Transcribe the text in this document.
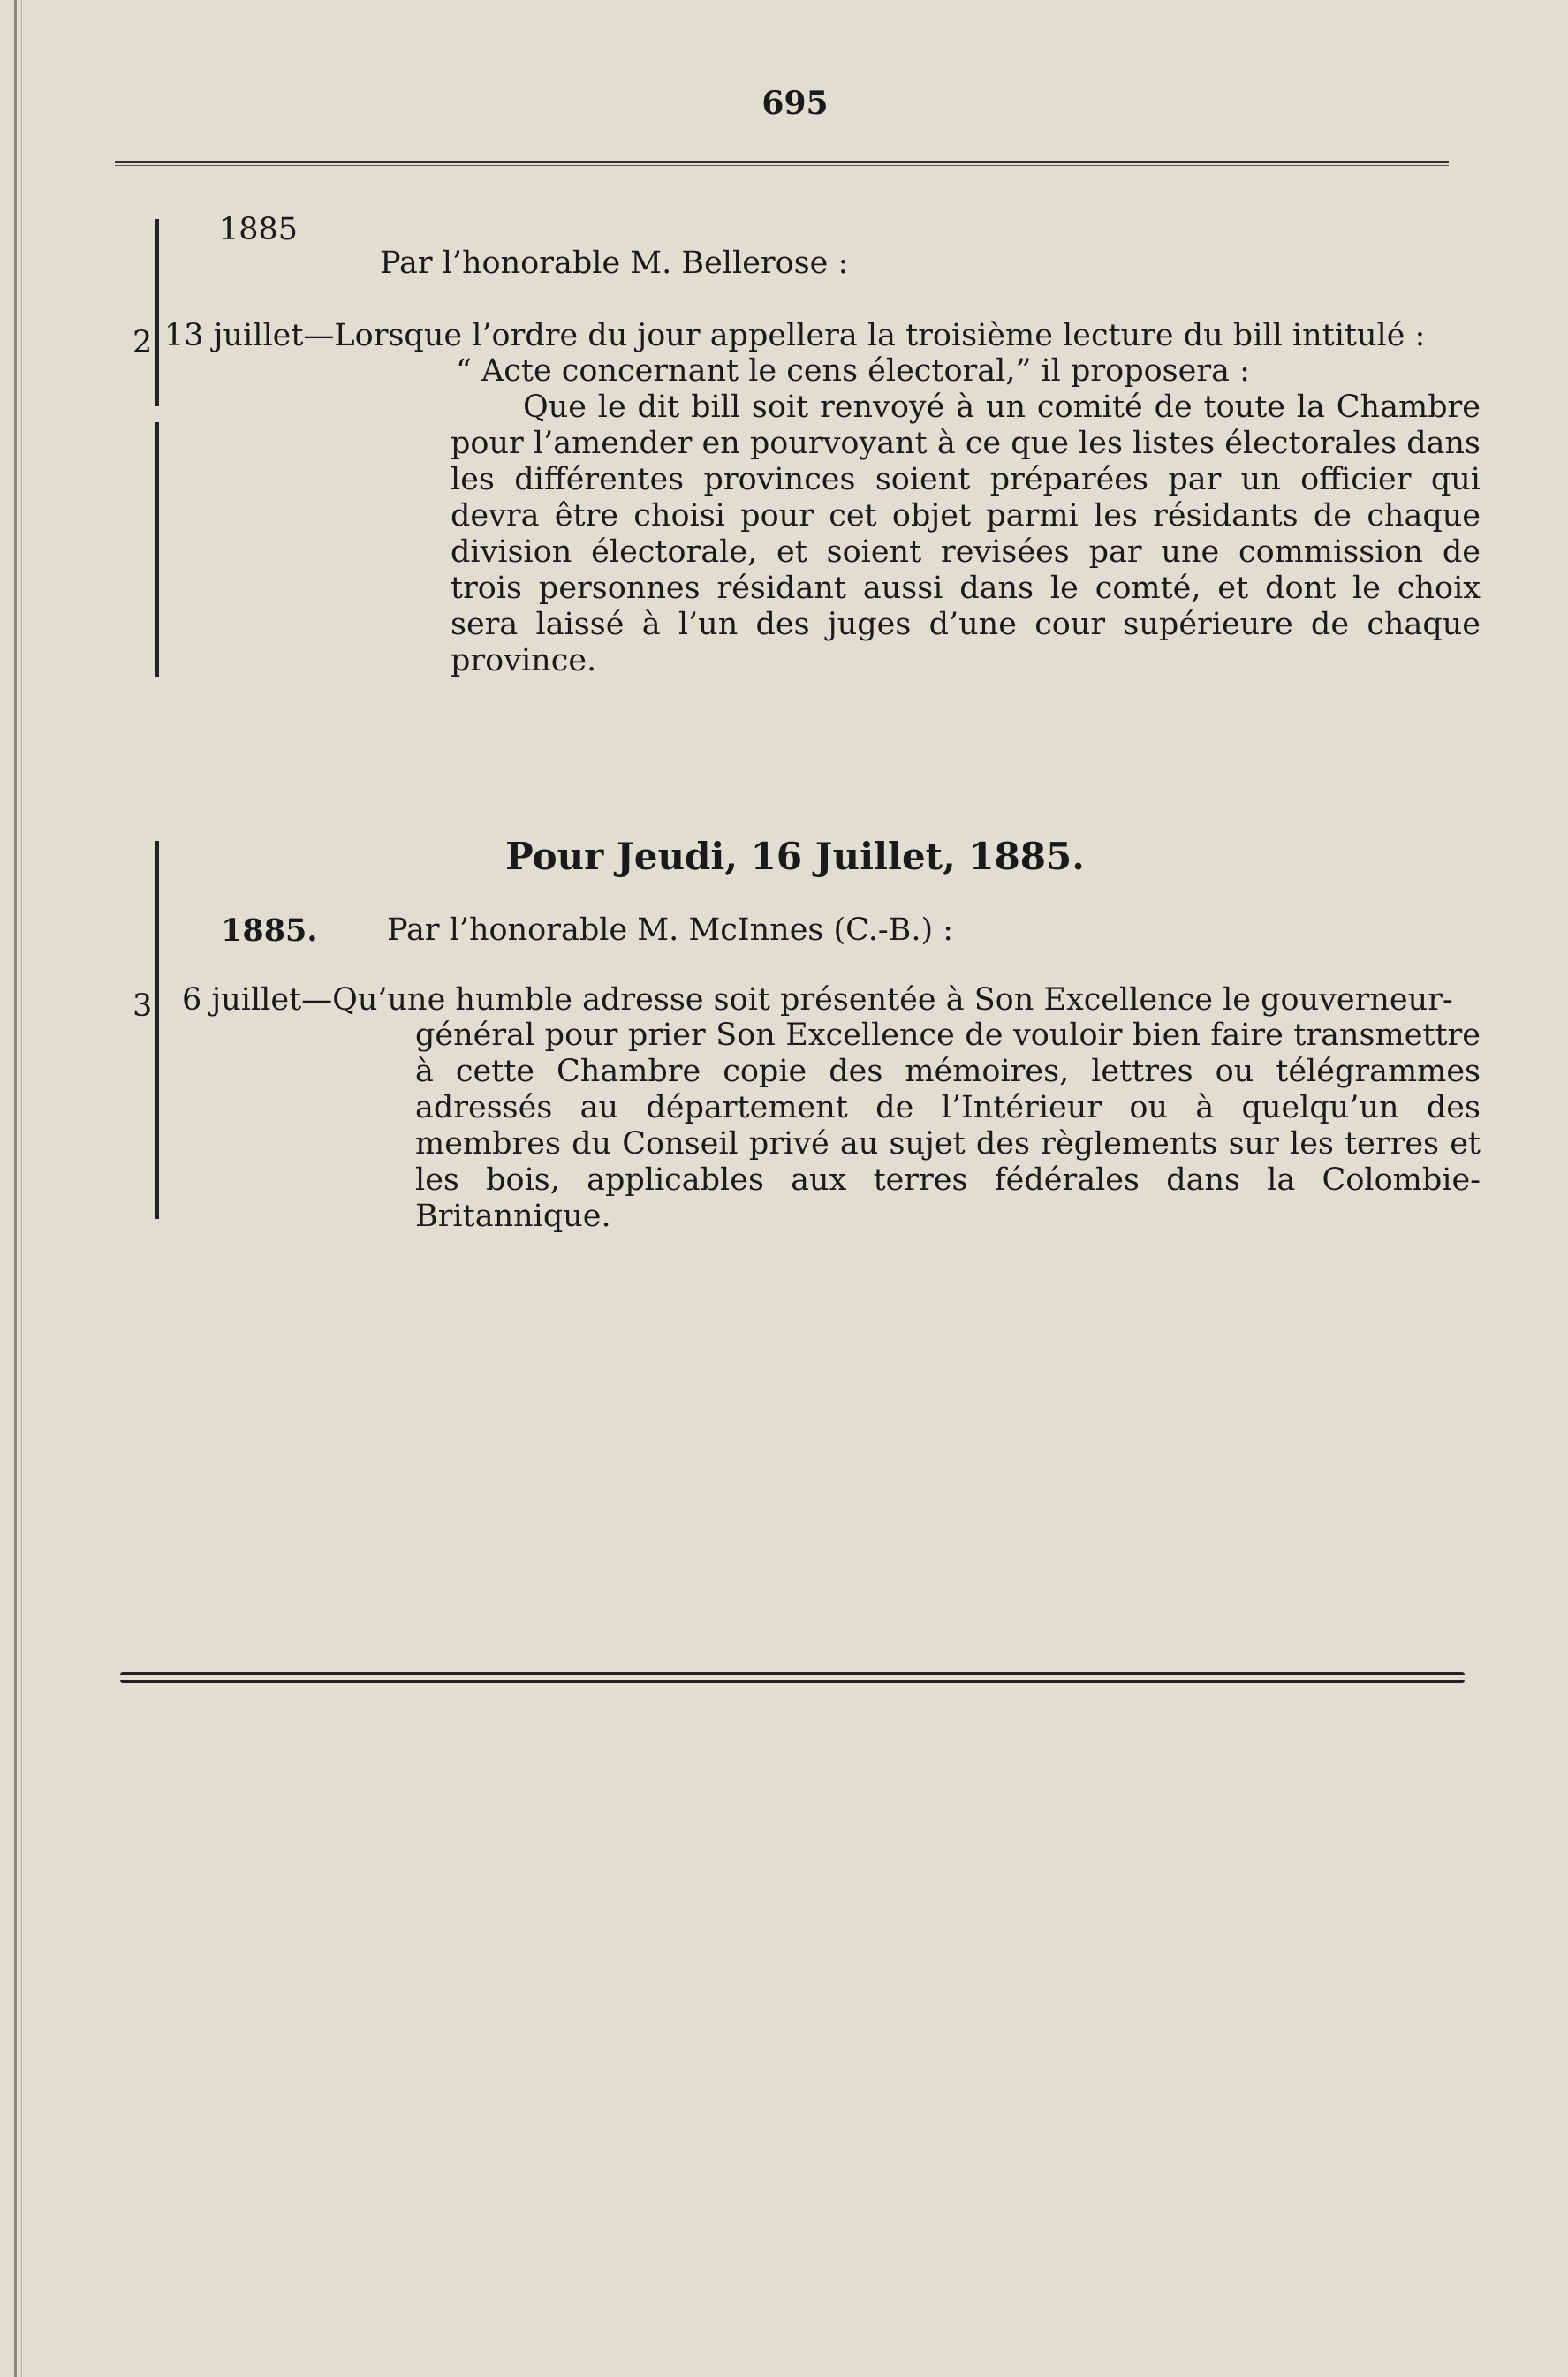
695
1885
Par l’honorable M. Bellerose :
2 13 juillet—Lorsque l’ordre du jour appellera la troisième lecture du bill intitulé :
“ Acte concernant le cens électoral,” il proposera :
Que le dit bill soit renvoyé à un comité de toute la Chambre pour l’amender en pourvoyant à ce que les listes électorales dans les différentes provinces soient préparées par un officier qui devra être choisi pour cet objet parmi les résidants de chaque division électorale, et soient revisées par une commission de trois personnes résidant aussi dans le comté, et dont le choix sera laissé à l’un des juges d’une cour supérieure de chaque province.
Pour Jeudi, 16 Juillet, 1885.
1885. Par l’honorable M. McInnes (C.-B.) :
3 6 juillet—Qu’une humble adresse soit présentée à Son Excellence le gouverneur-
général pour prier Son Excellence de vouloir bien faire transmettre à cette Chambre copie des mémoires, lettres ou télégrammes adressés au département de l’Intérieur ou à quelqu’un des membres du Conseil privé au sujet des règlements sur les terres et les bois, applicables aux terres fédérales dans la Colombie-Britannique.
